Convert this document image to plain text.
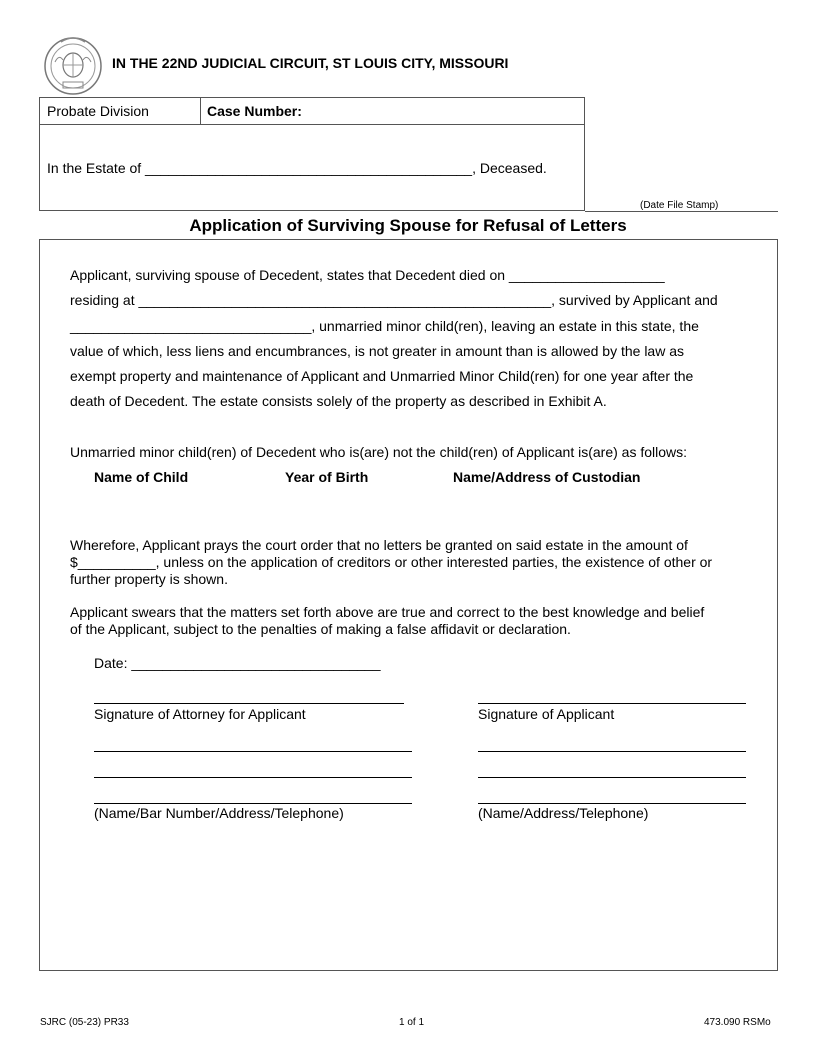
IN THE 22ND JUDICIAL CIRCUIT, ST LOUIS CITY, MISSOURI
Probate Division	Case Number:
In the Estate of __________________________________________, Deceased.
(Date File Stamp)
Application of Surviving Spouse for Refusal of Letters
Applicant, surviving spouse of Decedent, states that Decedent died on ____________________
residing at _____________________________________________________, survived by Applicant and
_______________________________, unmarried minor child(ren), leaving an estate in this state, the
value of which, less liens and encumbrances, is not greater in amount than is allowed by the law as
exempt property and maintenance of Applicant and Unmarried Minor Child(ren) for one year after the
death of Decedent. The estate consists solely of the property as described in Exhibit A.
Unmarried minor child(ren) of Decedent who is(are) not the child(ren) of Applicant is(are) as follows:
Name of Child	Year of Birth	Name/Address of Custodian
Wherefore, Applicant prays the court order that no letters be granted on said estate in the amount of
$__________, unless on the application of creditors or other interested parties, the existence of other or
further property is shown.
Applicant swears that the matters set forth above are true and correct to the best knowledge and belief
of the Applicant, subject to the penalties of making a false affidavit or declaration.
Date: ________________________________
Signature of Attorney for Applicant	Signature of Applicant
(Name/Bar Number/Address/Telephone)	(Name/Address/Telephone)
SJRC (05-23) PR33	1 of 1	473.090 RSMo
